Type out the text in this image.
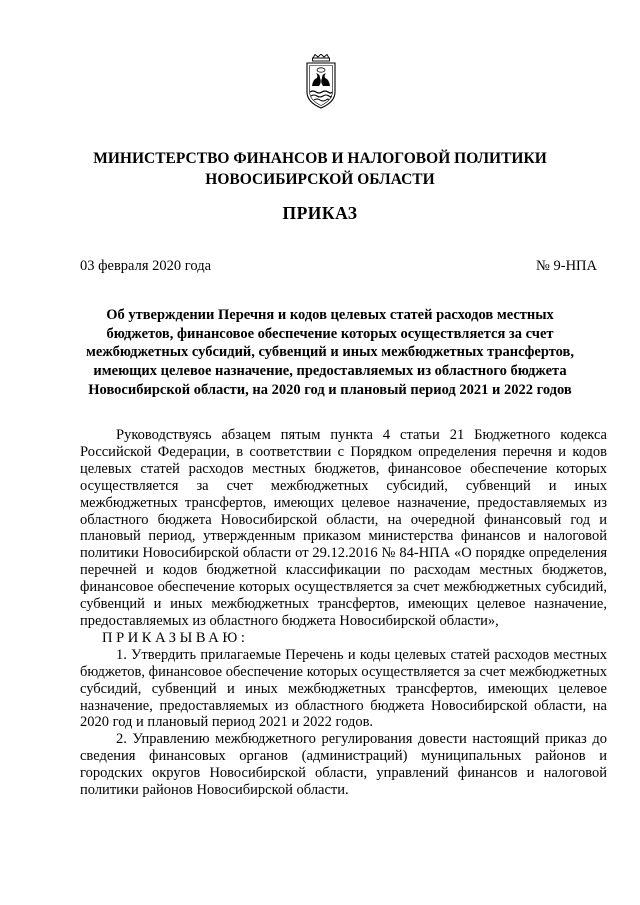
МИНИСТЕРСТВО ФИНАНСОВ И НАЛОГОВОЙ ПОЛИТИКИ
НОВОСИБИРСКОЙ ОБЛАСТИ
ПРИКАЗ
03 февраля 2020 года	№ 9-НПА
Об утверждении Перечня и кодов целевых статей расходов местных
бюджетов, финансовое обеспечение которых осуществляется за счет
межбюджетных субсидий, субвенций и иных межбюджетных трансфертов,
имеющих целевое назначение, предоставляемых из областного бюджета
Новосибирской области, на 2020 год и плановый период 2021 и 2022 годов

Руководствуясь абзацем пятым пункта 4 статьи 21 Бюджетного кодекса Российской Федерации, в соответствии с Порядком определения перечня и кодов целевых статей расходов местных бюджетов, финансовое обеспечение которых осуществляется за счет межбюджетных субсидий, субвенций и иных межбюджетных трансфертов, имеющих целевое назначение, предоставляемых из областного бюджета Новосибирской области, на очередной финансовый год и плановый период, утвержденным приказом министерства финансов и налоговой политики Новосибирской области от 29.12.2016 № 84-НПА «О порядке определения перечней и кодов бюджетной классификации по расходам местных бюджетов, финансовое обеспечение которых осуществляется за счет межбюджетных субсидий, субвенций и иных межбюджетных трансфертов, имеющих целевое назначение, предоставляемых из областного бюджета Новосибирской области»,

ПРИКАЗЫВАЮ:

1. Утвердить прилагаемые Перечень и коды целевых статей расходов местных бюджетов, финансовое обеспечение которых осуществляется за счет межбюджетных субсидий, субвенций и иных межбюджетных трансфертов, имеющих целевое назначение, предоставляемых из областного бюджета Новосибирской области, на 2020 год и плановый период 2021 и 2022 годов.

2. Управлению межбюджетного регулирования довести настоящий приказ до сведения финансовых органов (администраций) муниципальных районов и городских округов Новосибирской области, управлений финансов и налоговой политики районов Новосибирской области.
